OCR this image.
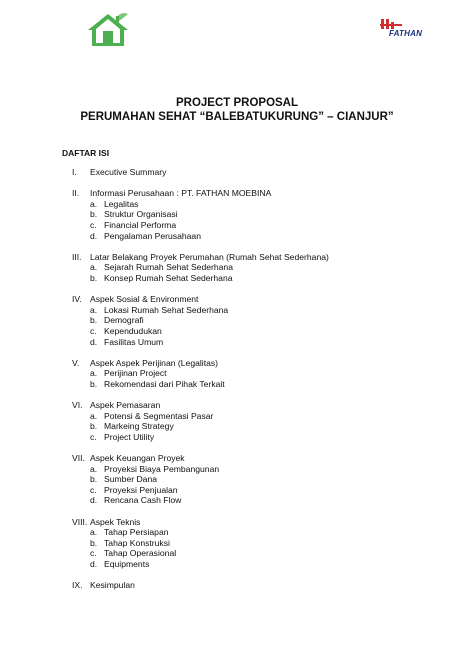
FATHAN
PROJECT PROPOSAL
PERUMAHAN SEHAT “BALEBATUKURUNG” – CIANJUR”
DAFTAR ISI
I.	Executive Summary
II.	Informasi Perusahaan : PT. FATHAN MOEBINA
a. Legalitas
b. Struktur Organisasi
c. Financial Performa
d. Pengalaman Perusahaan
III. Latar Belakang Proyek Perumahan (Rumah Sehat Sederhana)
a. Sejarah Rumah Sehat Sederhana
b. Konsep Rumah Sehat Sederhana
IV. Aspek Sosial & Environment
a. Lokasi Rumah Sehat Sederhana
b. Demografi
c. Kependudukan
d. Fasilitas Umum
V.	Aspek Aspek Perijinan (Legalitas)
a. Perijinan Project
b. Rekomendasi dari Pihak Terkait
VI. Aspek Pemasaran
a. Potensi & Segmentasi Pasar
b. Markeing Strategy
c. Project Utility
VII. Aspek Keuangan Proyek
a. Proyeksi Biaya Pembangunan
b. Sumber Dana
c. Proyeksi Penjualan
d. Rencana Cash Flow
VIII. Aspek Teknis
a. Tahap Persiapan
b. Tahap Konstruksi
c. Tahap Operasional
d. Equipments
IX. Kesimpulan
